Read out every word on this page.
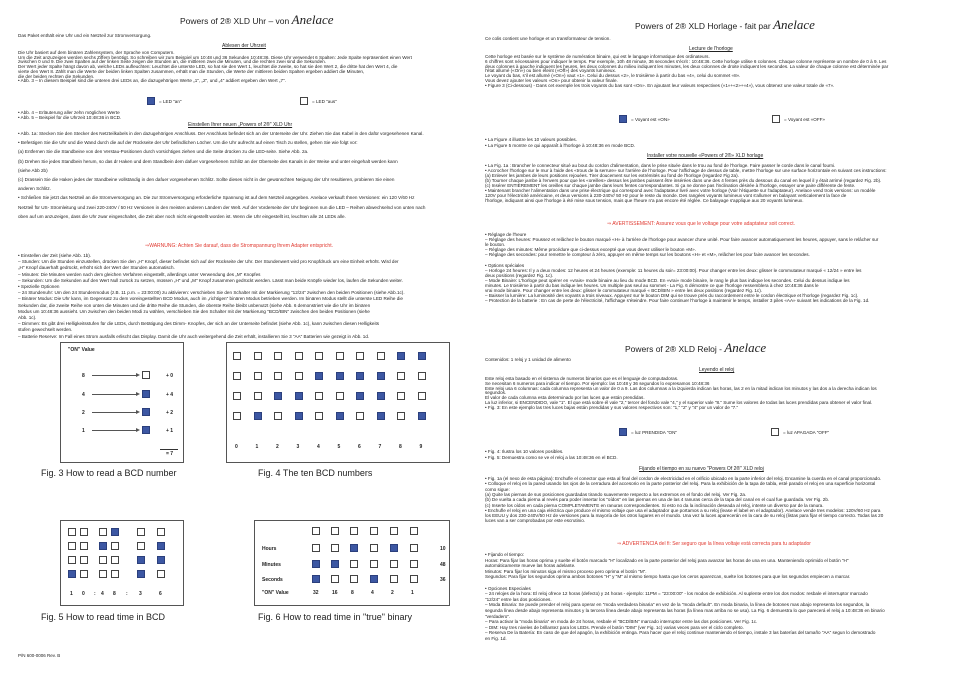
Powers of 2® XLD Uhr – von Anelace
Das Paket enthält eine Uhr und ein Netzteil zur Stromversorgung.
Ablesen der Uhrzeit
Die Uhr basiert auf dem binären Zahlensystem, der Sprache von Computern.
Um die Zeit anzuzeigen werden sechs Ziffern benötigt. So schreiben wir zum Beispiel um 10:48 und 36 Sekunden 10:48:36. Diese Uhr verwendet 6 Spalten: Jede Spalte repräsentiert einen Wert
zwischen 0 und 9. Die zwei Spalten auf der linken Seite zeigen die Stunden an, die mittleren zwei die Minuten, und die rechten zwei sind die Sekunden.
Der Wert jeder Spalte hängt davon ab, welche LEDs aufleuchten: Leuchtet die unterste LED, so hat sie den Wert 1, leuchtet die zweite, so hat sie den Wert 2, die dritte hat den Wert 4, die
vierte den Wert 8. Zählt man die Werte der beiden linken Spalten zusammen, erhält man die Stunden, die Werte der mittleren beiden Spalten ergeben addiert die Minuten,
die der beiden rechten die Sekunden.
• Abb. 3 – In diesem Beispiel sind die unteren drei LEDs an, die dazugehörigen Werte „1", „2", und „4" addiert ergeben den Wert „7".
= LED "an"	= LED "aus"
• Abb. 4 – Erläuterung aller zehn möglichen Werte
• Abb. 5 – Beispiel für die Uhrzeit 10:48:36 in BCD.
Einstellen Ihrer neuen „Powers of 2®" XLD Uhr
• Abb. 1a: Stecken Sie den Stecker des Netzteilkabels in den dazugehörigen Anschluss. Der Anschluss befindet sich an der Unterseite der Uhr. Ziehen Sie das Kabel in den dafür vorgesehenen Kanal.
• Befestigen Sie die Uhr und die Wand durch die auf der Rückseite der Uhr befindlichen Löcher. Um die Uhr aufrecht auf einen Tisch zu stellen, gehen Sie wie folgt vor:
(a) Entfernen Sie die Standbeine von den Verstau-Positionen durch vorsichtiges ziehen und die Seite drücken zu die LED-seite. Siehe Abb. 2a.
(b) Drehen Sie jedes Standbein herum, so das dr Haken und dem Standbein dem dafuer vorgesehenen Schlitz an der Oberseite des Kanals in der Weise und unter eingehalt werden kann
(siehe Abb 2b)
(c) Drassein Sie die Haken jedes der Standbeine vollständig in den dafuer vorgesehenen Schlitz. Sollte dieses nicht in der gewünschten Neigung der Uhr resultieren, probieren Sie einen
anderen Schlitz.
• Schließen Sie jetzt das Netzteil an die Stromversorgung an. Die zur Stromversorgung erforderliche Spannung ist auf dem Netzteil angegeben. Anelace verkauft Ihnen Versionen: ein 120 V/60 Hz
Netzteil für US- Stromleitung und zwei 220-240V / 50 Hz Versionen in den meisten anderen Ländern der Welt. Auf der Vorderseite der Uhr beginnen nun die LED – Reihen abwechselnd von unten nach
oben auf um anzuzeigen, dass die Uhr zwar eingeschaltet, die Zeit aber noch nicht eingestellt worden ist. Wenn die Uhr eingestellt ist, leuchten alle 24 LEDs alle.
⇒WARNUNG: Achten Sie darauf, dass die Stromspannung Ihrem Adapter entspricht.
• Einstellen der Zeit (siehe Abb. 1b).
– Stunden: Um die Stunden einzustellen, drücken Sie den „H" Knopf, dieser befindet sich auf der Rückseite der Uhr. Der Stundenwert wird pro Knopfdruck um eine Einheit erhöht. Wird der
„H" Knopf dauerhaft gedrückt, erhöht sich der Wert der Stunden automatisch.
– Minuten: Die Minuten werden nach dem gleichen Verfahren eingestellt, allerdings unter Verwendung des „M" Knopfes
– Sekunden: Um die Sekunden auf den Wert Null zurück zu setzen, müssen „H" und „M" Knopf zusammen gedrückt werden. Lässt man beide Knöpfe wieder los, laufen die Sekunden weiter.
• Spezielle Optionen
– 24 Stundenuhr: Um den 24 Stundenmodus (z.B. 11 p.m. = 23:00:00) zu aktivieren: verschieben Sie den Schalter mit der Markierung "12/24" zwischen den beiden Positionen (siehe Abb.1c).
– Binärer Modus: Die Uhr kann, im Gegensatz zu dem voreingestellten BCD Modus, auch im „richtigen" binären Modus betrieben werden. Im binären Modus stellt die unterste LED Reihe die
Sekunden dar, die zweite Reihe von unten die Minuten und die dritte Reihe die Stunden, die oberste Reihe bleibt unbenutzt (siehe Abb. 6 demonstriert wie die Uhr im binären
Modus um 10:48:36 aussieht. Um zwischen den beiden Modi zu wählen, verschieben Sie den Schalter mit der Markierung "BCD/BIN" zwischen den beiden Positionen (siehe
Abb. 1c).
– Dimmen: Es gibt drei Helligkeitsstufen für die LEDs, durch Betätigung des Dimm- Knopfes, der sich an der Unterseite befindet (siehe Abb. 1c), kann zwischen diesen Helligkeits
stufen gewechselt werden.
– Batterie Reserve: Im Fall eines Strom ausfalls erlischt das Display. Damit die Uhr auch weitergehend die Zeit erhält, installieren Sie 3 "AA" Batterien wie gezeigt in Abb. 1d.
"ON" Value
8	+ 0
4	+ 4
2	+ 2
1	+ 1
= 7
Fig. 3 How to read a BCD number
0	1	2	3	4	5	6	7	8	9
Fig. 4 The ten BCD numbers
1 0 : 4 8 : 3	6
Fig. 5 How to read time in BCD
Hours	10
Minutes	48
Seconds	36
"ON" Value	32	16	8	4	2	1
Fig. 6 How to read time in "true" binary
P/N 600-0006 Rev. B
Powers of 2® XLD Horlage - fait par Anelace
Ce colis contient une horloge et un transformateur de tension.
Lecture de l'horloge
Cette horloge est basée sur le système de numération binaire, qui est le langage informatique des ordinateurs.
6 chiffres sont nécessaires pour indiquer le temps. Par exemple, 10h 48 minute, 36 secondes s'écrit : 10:48:36. Cette horloge utilise 6 colonnes. Chaque colonne représente un nombre de 0 à 9. Les
deux colonnes à gauche indiquent les heures, les deux colonnes du milieu indiquent les minutes, les deux colonnes de droite indiquent les secondes. La valeur de chaque colonne est déterminée par
l'état allumé («On») ou bien éteint («Off») des voyants lumineux.
Le voyant du bas, s'il est allumé («On») vaut «1». Celui du dessus «2», le troisième à partir du bas «4», celui du sommet «8».
Vous devez ajouter les valeurs «On» pour obtenir la valeur finale.
• Figure 3 (Ci-dessous) - Dans cet exemple les trois voyants du bas sont «On». En ajoutant leur valeurs respectives («1»+«2»+«4»), vous obtenez une valeur totale de «7».
= Voyant est «ON»	= Voyant est «OFF»
• La Figure 4 illustre les 10 valeurs possibles.
• La Figure 5 montre ce qui apparaît à l'horloge à 10:48:36 en mode BCD.
Installer votre nouvelle «Powers of 2®» XLD horlage
• La Fig. 1a : Brancher le connecteur situé au bout du cordon d'alimentation, dans le prise située dans le trou au fond de l'horloge. Faire passer le corde dans le canal fourni.
• Accrocher l'horloge sur le mur à l'aide des «trous de la serrure» sur l'arrière de l'horloge. Pour l'affichage de dessus de table, mettre l'horloge sur une surface horizontale en suivant ces instructions:
(a) Enlever les jambes de leurs positions rejouées. Tirer doucement sur les extrémités au fond de l'horloge (regardez Fig 2a).
(b) Tourner chaque jambe à l'envers pour que les «oreilles» dessus les jambes puissent être insérées dans une des 4 fentes près du dessous du canal en lequel il y était arrimé (regardez Fig. 2b).
(c) Insérer ENTIÈREMENT les oreilles sur chaque jambe dans leurs fentes correspondantes. Si ça ne donne pas l'inclination désirée à l'horloge, essayer une paire différente de fente.
• Maintenant brancher l'alimentation dans une prise électrique qui correspond avec l'adaptateur livré avec votre horloge (Voir l'étiquette sur l'adaptateur). Anelace vend trois versions: un modèle
120V pour l'électricité américaine, et deux versions à 230-240V/ 50 Hz pour le reste du monde. Des rangées voyants lumineux vont s'allumer en balayant verticalement la face de
l'horloge, indiquant ainsi que l'horloge à été mise sous tension, mais que l'heure n'a pas encore été réglée. Ce balayage s'applique aux 20 voyants lumineux.
⇒ AVERTISSEMENT: Assurez vous que le voltage pour votre adaptateur soit correct.
• Réglage de l'heure
– Réglage des heures: Poussez et relâchez le bouton marqué «H» à l'arrière de l'horloge pour avancer d'une unité. Pour faire avancer automatiquement les heures, appuyer, sans le relâcher sur
le bouton.
– Réglage des minutes: Même procédure que ci-dessus excepté que vous devez utiliser le bouton «M».
– Réglage des secondes: pour remettre le compteur à zéro, appuyer en même temps sur les boutons «H» et «M», relâcher les pour faire avancer les secondes.
• Options spéciales
– Horloge 24 heures: Il y a deux modes: 12 heures et 24 heures (exemple: 11 heures du soir= 23:00:00). Pour changer entre les deux: glisser le commutateur marqué « 12/24 » entre les
deux positions (regardez Fig. 1c).
– Mode Binaire: L'horloge peut opérer en «vrais» mode binaire au lieu du mode BCD. En «vrai» mode binaire, le rang le plus bas indique les secondes. Celui du dessus indique les
minutes. Le troisième à partir du bas indique les heures. Un multiple pas seul au sommet - La Fig. 6 démontre ce que l'horloge ressemblera à chez 10:48:36 dans le
vrai mode binaire. Pour changer entre les deux: glisser le commutateur marqué « BCD/BIN » entre les deux positions (regardez Fig. 1c).
– Baisser la lumière: La luminosité des voyants a trois niveaux. Appuyez sur le bouton DIM qui se trouve près du raccordement entre le cordon électrique et l'horloge (regardez Fig. 1c).
– Protection de la batterie : En cas de perte de l'électricité, l'affichage s'éteindre. Pour faire continuer l'horloge à maintenir le temps, installer 3 piles «AA» suivant les indications de la Fig. 1d.
Powers of 2® XLD Reloj - Anelace
Contenidos: 1 reloj y 1 unidad de alimento
Leyendo el reloj
Este reloj esta basado en el sistema de numeros binarios que es el lenguaje de computadoras.
Se necesitan 6 numeros para indicar el tiempo. Por ejemplo: las 10:48 y 36 segundos lo expresamos 10:48:36
Este reloj usa 6 columnas: cada columna representa un valor de 0 a 9. Las dos columnas a la izquierda indican las horas, las 2 en la mitad indican los minutos y las dos a la derecha indican los
segundos.
El valor de cada columna esta determinado por las luces que están prendidas.
La luz inferior, si ENCENDIDO, vale "1". El que está sobre él vale "2," tercer del fondo vale "4," y el superior vale "8." Sume los valores de todas las luces prendidas para obtener el valor final.
• Fig. 3: En este ejemplo las tres luces bajas están prendidas y sus valores respectivos son: "1," "2" y "4" por un valor de "7."
= luz PRENDIDA "ON"	= luz APAGADA "OFF"
• Fig. 4: Ilustra los 10 valores posibles.
• Fig. 5: Demuestra como se ve el reloj a las 10:48:36 en el BCD.
Fijando el tiempo en su nuevo "Powers Of 2®" XLD reloj
• Fig. 1a (el nexo de esta página): Enchufle el conector que esta al final del cordon de electricidad en el orificio ubicado en la parte inferior del reloj. Encamine la cuerda en el canal proporcionado.
• Colloque el reloj en la pared usando los ojos de la cerradura del accesorio en la parte posterior del reloj. Para la exhibición de la tapa de tabla, esté parado el reloj en una superficie horizontal
como sigue:
(a) Quite las piernas de sus posiciones guardadas tirando suavemente respecto a los extremos en el fondo del reloj. Ver Fig. 2a.
(b) De vuelta a cada pierna al revés para poder insertar los "oídos" en las piernas en una de las 4 ranuras cerca de la tapa del canal en el cual fue guardada. Ver Fig. 2b.
(c) Inserte los oídos en cada pierna COMPLETAMENTE en ranuras correspondientes. Si esto no da la inclinación deseada al reloj, intente un diverso par de la ranura.
• Enchufle el reloj en una caja eléctrica que produce el mismo voltaje que usa el adaptador que portamos a su reloj (lease el label en el adaptador). Anelace vende tres modelos: 120V/60 Hz para
los EEUU y dos 230-240V/50 Hz de versiones para la mayoría de los otros lugares en el mundo. Una vez la luces aparecerán en la cara de su reloj (listas para fijar el tiempo correcto. Todas las 20
luces van a ser comprobadas por este escrutinio.
⇒ ADVERTENCIA del fi: Ser seguro que la línea voltaje está correcta para tu adaptador
• Fijando el tiempo:
Horas: Para fijar las horas oprima y suelte el botón marcado "H" localizado en la parte posterior del reloj para avanzar las horas de una en una. Manteniendo oprimido el botón "H"
automáticamente mueve las horas adelante.
Minutos: Para fijar los minutos siga el mismo proceso pero oprima el botón "M".
Segundos: Para fijar los segundos oprima ambos botones "H" y "M" al mismo tiempo hasta que los ceros aparezcan, suelte los botones para que los segundos empiecen a marcar.
• Opciones Especiales
– 24 relojes de la hora: El reloj ofrece 12 horas (defecto) y 24 horas - ejemplo: 11PM = "23:00:00" - los modos de exhibición. Al suplente entre los dos modos: resbale el interruptor marcado
"12/24" entre las dos posiciones.
– Moda Binaria: Se puede prender el reloj para operar en "moda verdadera binaria" en vez de la "moda default". En moda binaria, la línea de botones mas abajo representa los segundos, la
segunda línea desde abajo representa minutos y la tercera línea desde abajo representa las horas (la línea mas arriba no se usa). La Fig. 6 demuestra lo que parecerá el reloj a 10:48:36 en binario
"verdadero".
– Para activar la "moda binaria" en moda de 24 horas, resbale el "BCD/BIN" marcado interruptor entre las dos posiciones. Ver Fig. 1c.
– DIM: Hay tres niveles de brillantez para los LEDs. Prende el botón "DIM" (ver Fig. 1c) varias veces para ver el ciclo completo.
– Reserva De la Batería: En caso de que del apagón, la exhibición entinga. Para hacer que el reloj continue manteniendo el tiempo, instale 3 las baterías del tamaño "AA" segun lo demostrado
en Fig. 1d.
